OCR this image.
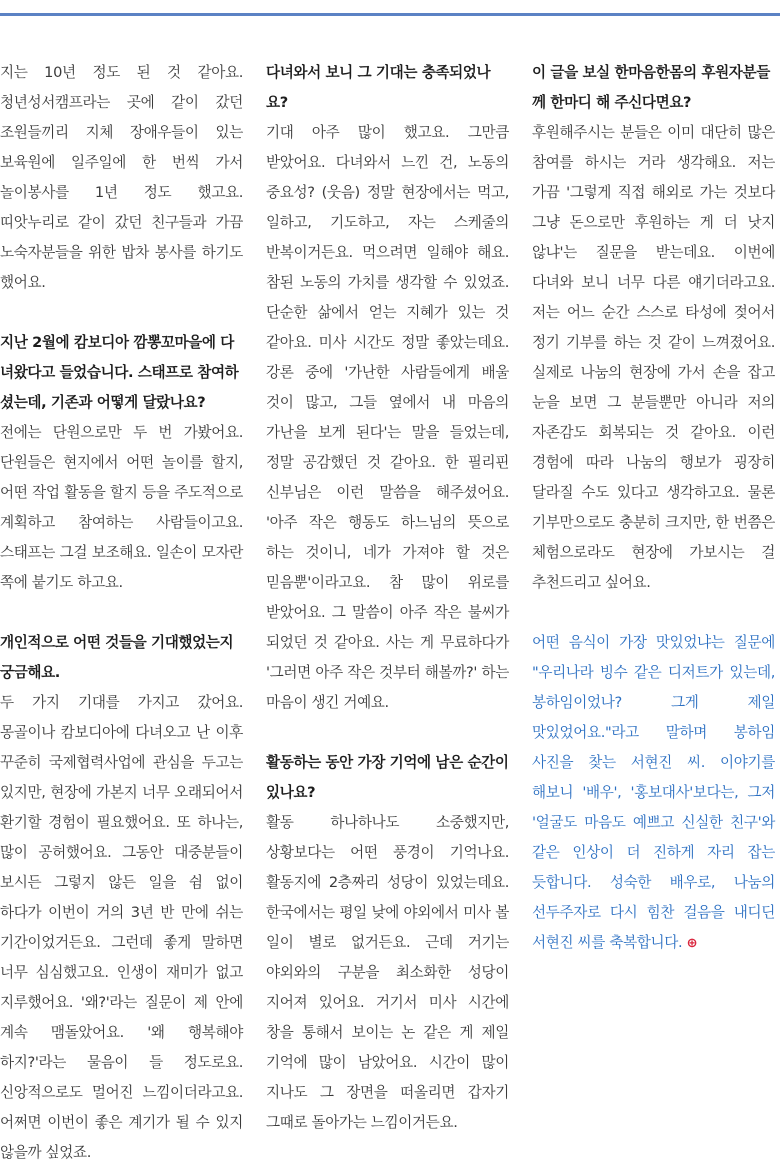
지는 10년 정도 된 것 같아요. 청년성서캠프라는 곳에 같이 갔던 조원들끼리 지체 장애우들이 있는 보육원에 일주일에 한 번씩 가서 놀이봉사를 1년 정도 했고요. 띠앗누리로 같이 갔던 친구들과 가끔 노숙자분들을 위한 밥차 봉사를 하기도 했어요.

지난 2월에 캄보디아 깜뽕꼬마을에 다녀왔다고 들었습니다. 스태프로 참여하셨는데, 기존과 어떻게 달랐나요?

전에는 단원으로만 두 번 가봤어요. 단원들은 현지에서 어떤 놀이를 할지, 어떤 작업 활동을 할지 등을 주도적으로 계획하고 참여하는 사람들이고요. 스태프는 그걸 보조해요. 일손이 모자란 쪽에 붙기도 하고요.

개인적으로 어떤 것들을 기대했었는지 궁금해요.

두 가지 기대를 가지고 갔어요. 몽골이나 캄보디아에 다녀오고 난 이후 꾸준히 국제협력사업에 관심을 두고는 있지만, 현장에 가본지 너무 오래되어서 환기할 경험이 필요했어요. 또 하나는, 많이 공허했어요. 그동안 대중분들이 보시든 그렇지 않든 일을 쉼 없이 하다가 이번이 거의 3년 반 만에 쉬는 기간이었거든요. 그런데 좋게 말하면 너무 심심했고요. 인생이 재미가 없고 지루했어요. '왜?'라는 질문이 제 안에 계속 맴돌았어요. '왜 행복해야 하지?'라는 물음이 들 정도로요. 신앙적으로도 멀어진 느낌이더라고요. 어쩌면 이번이 좋은 계기가 될 수 있지 않을까 싶었죠.

다녀와서 보니 그 기대는 충족되었나요?

기대 아주 많이 했고요. 그만큼 받았어요. 다녀와서 느낀 건, 노동의 중요성? (웃음) 정말 현장에서는 먹고, 일하고, 기도하고, 자는 스케줄의 반복이거든요. 먹으려면 일해야 해요. 참된 노동의 가치를 생각할 수 있었죠. 단순한 삶에서 얻는 지혜가 있는 것 같아요. 미사 시간도 정말 좋았는데요. 강론 중에 '가난한 사람들에게 배울 것이 많고, 그들 옆에서 내 마음의 가난을 보게 된다'는 말을 들었는데, 정말 공감했던 것 같아요. 한 필리핀 신부님은 이런 말씀을 해주셨어요. '아주 작은 행동도 하느님의 뜻으로 하는 것이니, 네가 가져야 할 것은 믿음뿐'이라고요. 참 많이 위로를 받았어요. 그 말씀이 아주 작은 불씨가 되었던 것 같아요. 사는 게 무료하다가 '그러면 아주 작은 것부터 해볼까?' 하는 마음이 생긴 거예요.

활동하는 동안 가장 기억에 남은 순간이 있나요?

활동 하나하나도 소중했지만, 상황보다는 어떤 풍경이 기억나요. 활동지에 2층짜리 성당이 있었는데요. 한국에서는 평일 낮에 야외에서 미사 볼 일이 별로 없거든요. 근데 거기는 야외와의 구분을 최소화한 성당이 지어져 있어요. 거기서 미사 시간에 창을 통해서 보이는 논 같은 게 제일 기억에 많이 남았어요. 시간이 많이 지나도 그 장면을 떠올리면 갑자기 그때로 돌아가는 느낌이거든요.

이 글을 보실 한마음한몸의 후원자분들께 한마디 해 주신다면요?

후원해주시는 분들은 이미 대단히 많은 참여를 하시는 거라 생각해요. 저는 가끔 '그렇게 직접 해외로 가는 것보다 그냥 돈으로만 후원하는 게 더 낫지 않냐'는 질문을 받는데요. 이번에 다녀와 보니 너무 다른 얘기더라고요. 저는 어느 순간 스스로 타성에 젖어서 정기 기부를 하는 것 같이 느껴졌어요. 실제로 나눔의 현장에 가서 손을 잡고 눈을 보면 그 분들뿐만 아니라 저의 자존감도 회복되는 것 같아요. 이런 경험에 따라 나눔의 행보가 굉장히 달라질 수도 있다고 생각하고요. 물론 기부만으로도 충분히 크지만, 한 번쯤은 체험으로라도 현장에 가보시는 걸 추천드리고 싶어요.

어떤 음식이 가장 맛있었냐는 질문에 "우리나라 빙수 같은 디저트가 있는데, 봉하임이었나? 그게 제일 맛있었어요."라고 말하며 봉하임 사진을 찾는 서현진 씨. 이야기를 해보니 '배우', '홍보대사'보다는, 그저 '얼굴도 마음도 예쁘고 신실한 친구'와 같은 인상이 더 진하게 자리 잡는 듯합니다. 성숙한 배우로, 나눔의 선두주자로 다시 힘찬 걸음을 내디딘 서현진 씨를 축복합니다. ⊕
